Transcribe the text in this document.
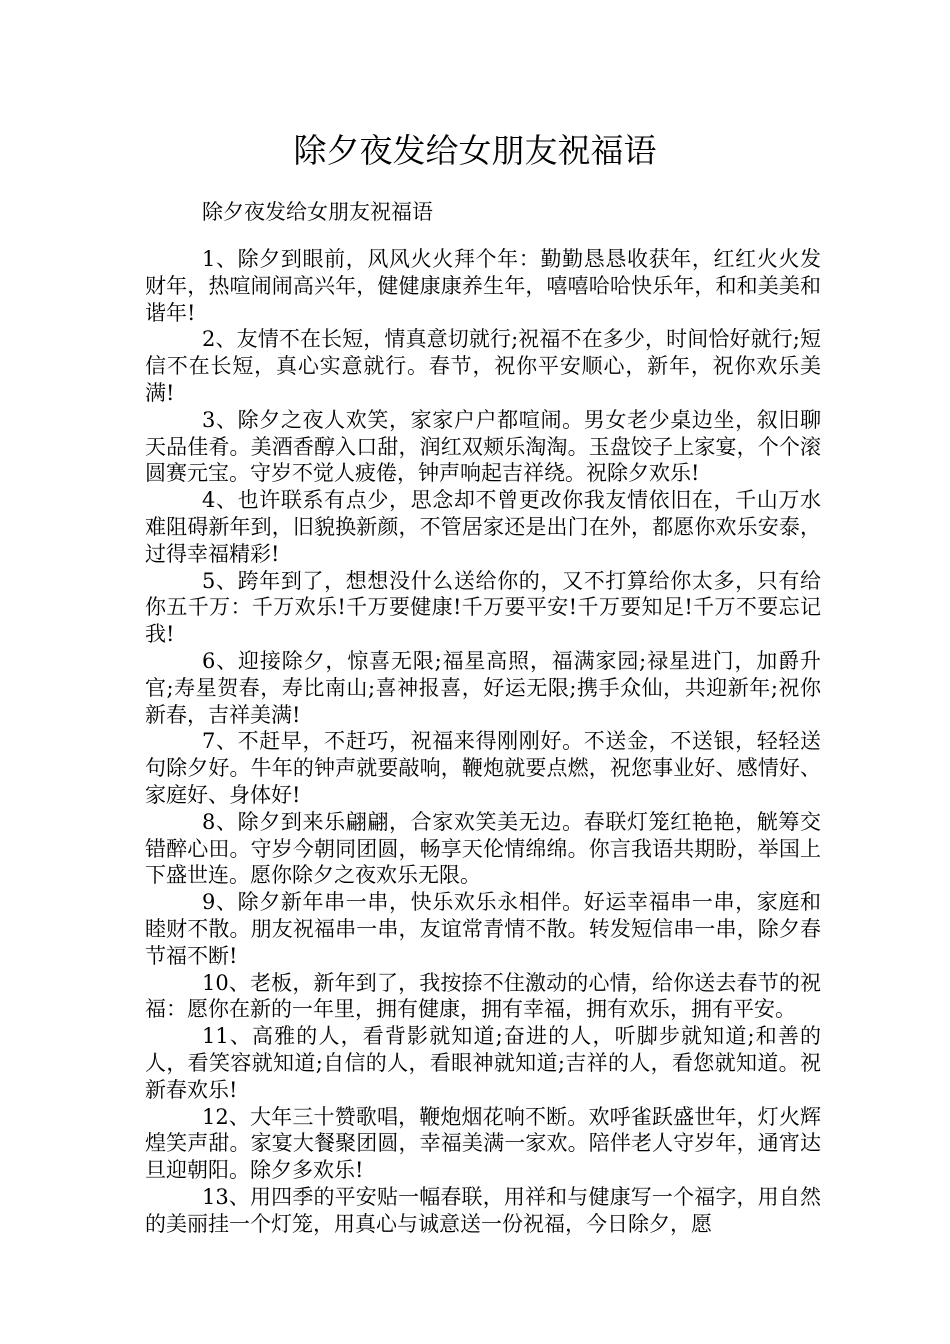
除夕夜发给女朋友祝福语

除夕夜发给女朋友祝福语

1、除夕到眼前，风风火火拜个年：勤勤恳恳收获年，红红火火发财年，热喧闹闹高兴年，健健康康养生年，嘻嘻哈哈快乐年，和和美美和谐年!

2、友情不在长短，情真意切就行;祝福不在多少，时间恰好就行;短信不在长短，真心实意就行。春节，祝你平安顺心，新年，祝你欢乐美满!

3、除夕之夜人欢笑，家家户户都喧闹。男女老少桌边坐，叙旧聊天品佳肴。美酒香醇入口甜，润红双颊乐淘淘。玉盘饺子上家宴，个个滚圆赛元宝。守岁不觉人疲倦，钟声响起吉祥绕。祝除夕欢乐!

4、也许联系有点少，思念却不曾更改你我友情依旧在，千山万水难阻碍新年到，旧貌换新颜，不管居家还是出门在外，都愿你欢乐安泰，过得幸福精彩!

5、跨年到了，想想没什么送给你的，又不打算给你太多，只有给你五千万：千万欢乐!千万要健康!千万要平安!千万要知足!千万不要忘记我!

6、迎接除夕，惊喜无限;福星高照，福满家园;禄星进门，加爵升官;寿星贺春，寿比南山;喜神报喜，好运无限;携手众仙，共迎新年;祝你新春，吉祥美满!

7、不赶早，不赶巧，祝福来得刚刚好。不送金，不送银，轻轻送句除夕好。牛年的钟声就要敲响，鞭炮就要点燃，祝您事业好、感情好、家庭好、身体好!

8、除夕到来乐翩翩，合家欢笑美无边。春联灯笼红艳艳，觥筹交错醉心田。守岁今朝同团圆，畅享天伦情绵绵。你言我语共期盼，举国上下盛世连。愿你除夕之夜欢乐无限。

9、除夕新年串一串，快乐欢乐永相伴。好运幸福串一串，家庭和睦财不散。朋友祝福串一串，友谊常青情不散。转发短信串一串，除夕春节福不断!

10、老板，新年到了，我按捺不住激动的心情，给你送去春节的祝福：愿你在新的一年里，拥有健康，拥有幸福，拥有欢乐，拥有平安。

11、高雅的人，看背影就知道;奋进的人，听脚步就知道;和善的人，看笑容就知道;自信的人，看眼神就知道;吉祥的人，看您就知道。祝新春欢乐!

12、大年三十赞歌唱，鞭炮烟花响不断。欢呼雀跃盛世年，灯火辉煌笑声甜。家宴大餐聚团圆，幸福美满一家欢。陪伴老人守岁年，通宵达旦迎朝阳。除夕多欢乐!

13、用四季的平安贴一幅春联，用祥和与健康写一个福字，用自然的美丽挂一个灯笼，用真心与诚意送一份祝福，今日除夕，愿
